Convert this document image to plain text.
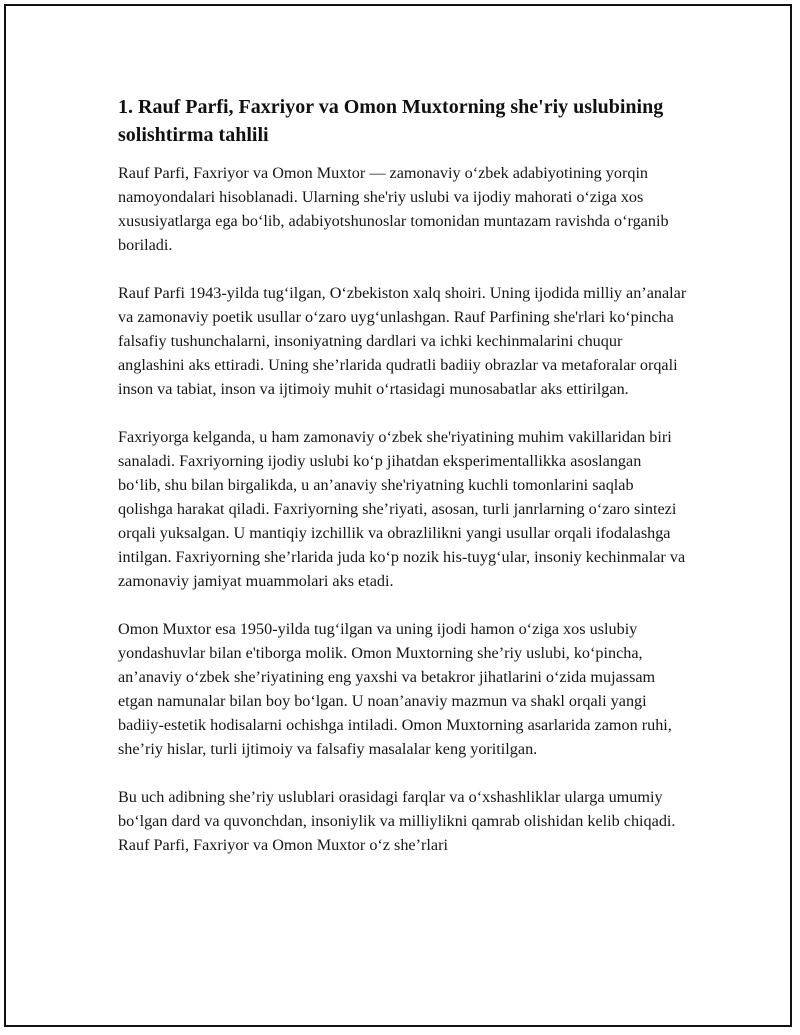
1. Rauf Parfi, Faxriyor va Omon Muxtorning she'riy uslubining solishtirma tahlili

Rauf Parfi, Faxriyor va Omon Muxtor — zamonaviy o‘zbek adabiyotining yorqin namoyondalari hisoblanadi. Ularning she'riy uslubi va ijodiy mahorati o‘ziga xos xususiyatlarga ega bo‘lib, adabiyotshunoslar tomonidan muntazam ravishda o‘rganib boriladi.

Rauf Parfi 1943-yilda tug‘ilgan, O‘zbekiston xalq shoiri. Uning ijodida milliy an’analar va zamonaviy poetik usullar o‘zaro uyg‘unlashgan. Rauf Parfining she'rlari ko‘pincha falsafiy tushunchalarni, insoniyatning dardlari va ichki kechinmalarini chuqur anglashini aks ettiradi. Uning she’rlarida qudratli badiiy obrazlar va metaforalar orqali inson va tabiat, inson va ijtimoiy muhit o‘rtasidagi munosabatlar aks ettirilgan.

Faxriyorga kelganda, u ham zamonaviy o‘zbek she'riyatining muhim vakillaridan biri sanaladi. Faxriyorning ijodiy uslubi ko‘p jihatdan eksperimentallikka asoslangan bo‘lib, shu bilan birgalikda, u an’anaviy she'riyatning kuchli tomonlarini saqlab qolishga harakat qiladi. Faxriyorning she’riyati, asosan, turli janrlarning o‘zaro sintezi orqali yuksalgan. U mantiqiy izchillik va obrazlilikni yangi usullar orqali ifodalashga intilgan. Faxriyorning she’rlarida juda ko‘p nozik his-tuyg‘ular, insoniy kechinmalar va zamonaviy jamiyat muammolari aks etadi.

Omon Muxtor esa 1950-yilda tug‘ilgan va uning ijodi hamon o‘ziga xos uslubiy yondashuvlar bilan e'tiborga molik. Omon Muxtorning she’riy uslubi, ko‘pincha, an’anaviy o‘zbek she’riyatining eng yaxshi va betakror jihatlarini o‘zida mujassam etgan namunalar bilan boy bo‘lgan. U noan’anaviy mazmun va shakl orqali yangi badiiy-estetik hodisalarni ochishga intiladi. Omon Muxtorning asarlarida zamon ruhi, she’riy hislar, turli ijtimoiy va falsafiy masalalar keng yoritilgan.

Bu uch adibning she’riy uslublari orasidagi farqlar va o‘xshashliklar ularga umumiy bo‘lgan dard va quvonchdan, insoniylik va milliylikni qamrab olishidan kelib chiqadi. Rauf Parfi, Faxriyor va Omon Muxtor o‘z she’rlari
